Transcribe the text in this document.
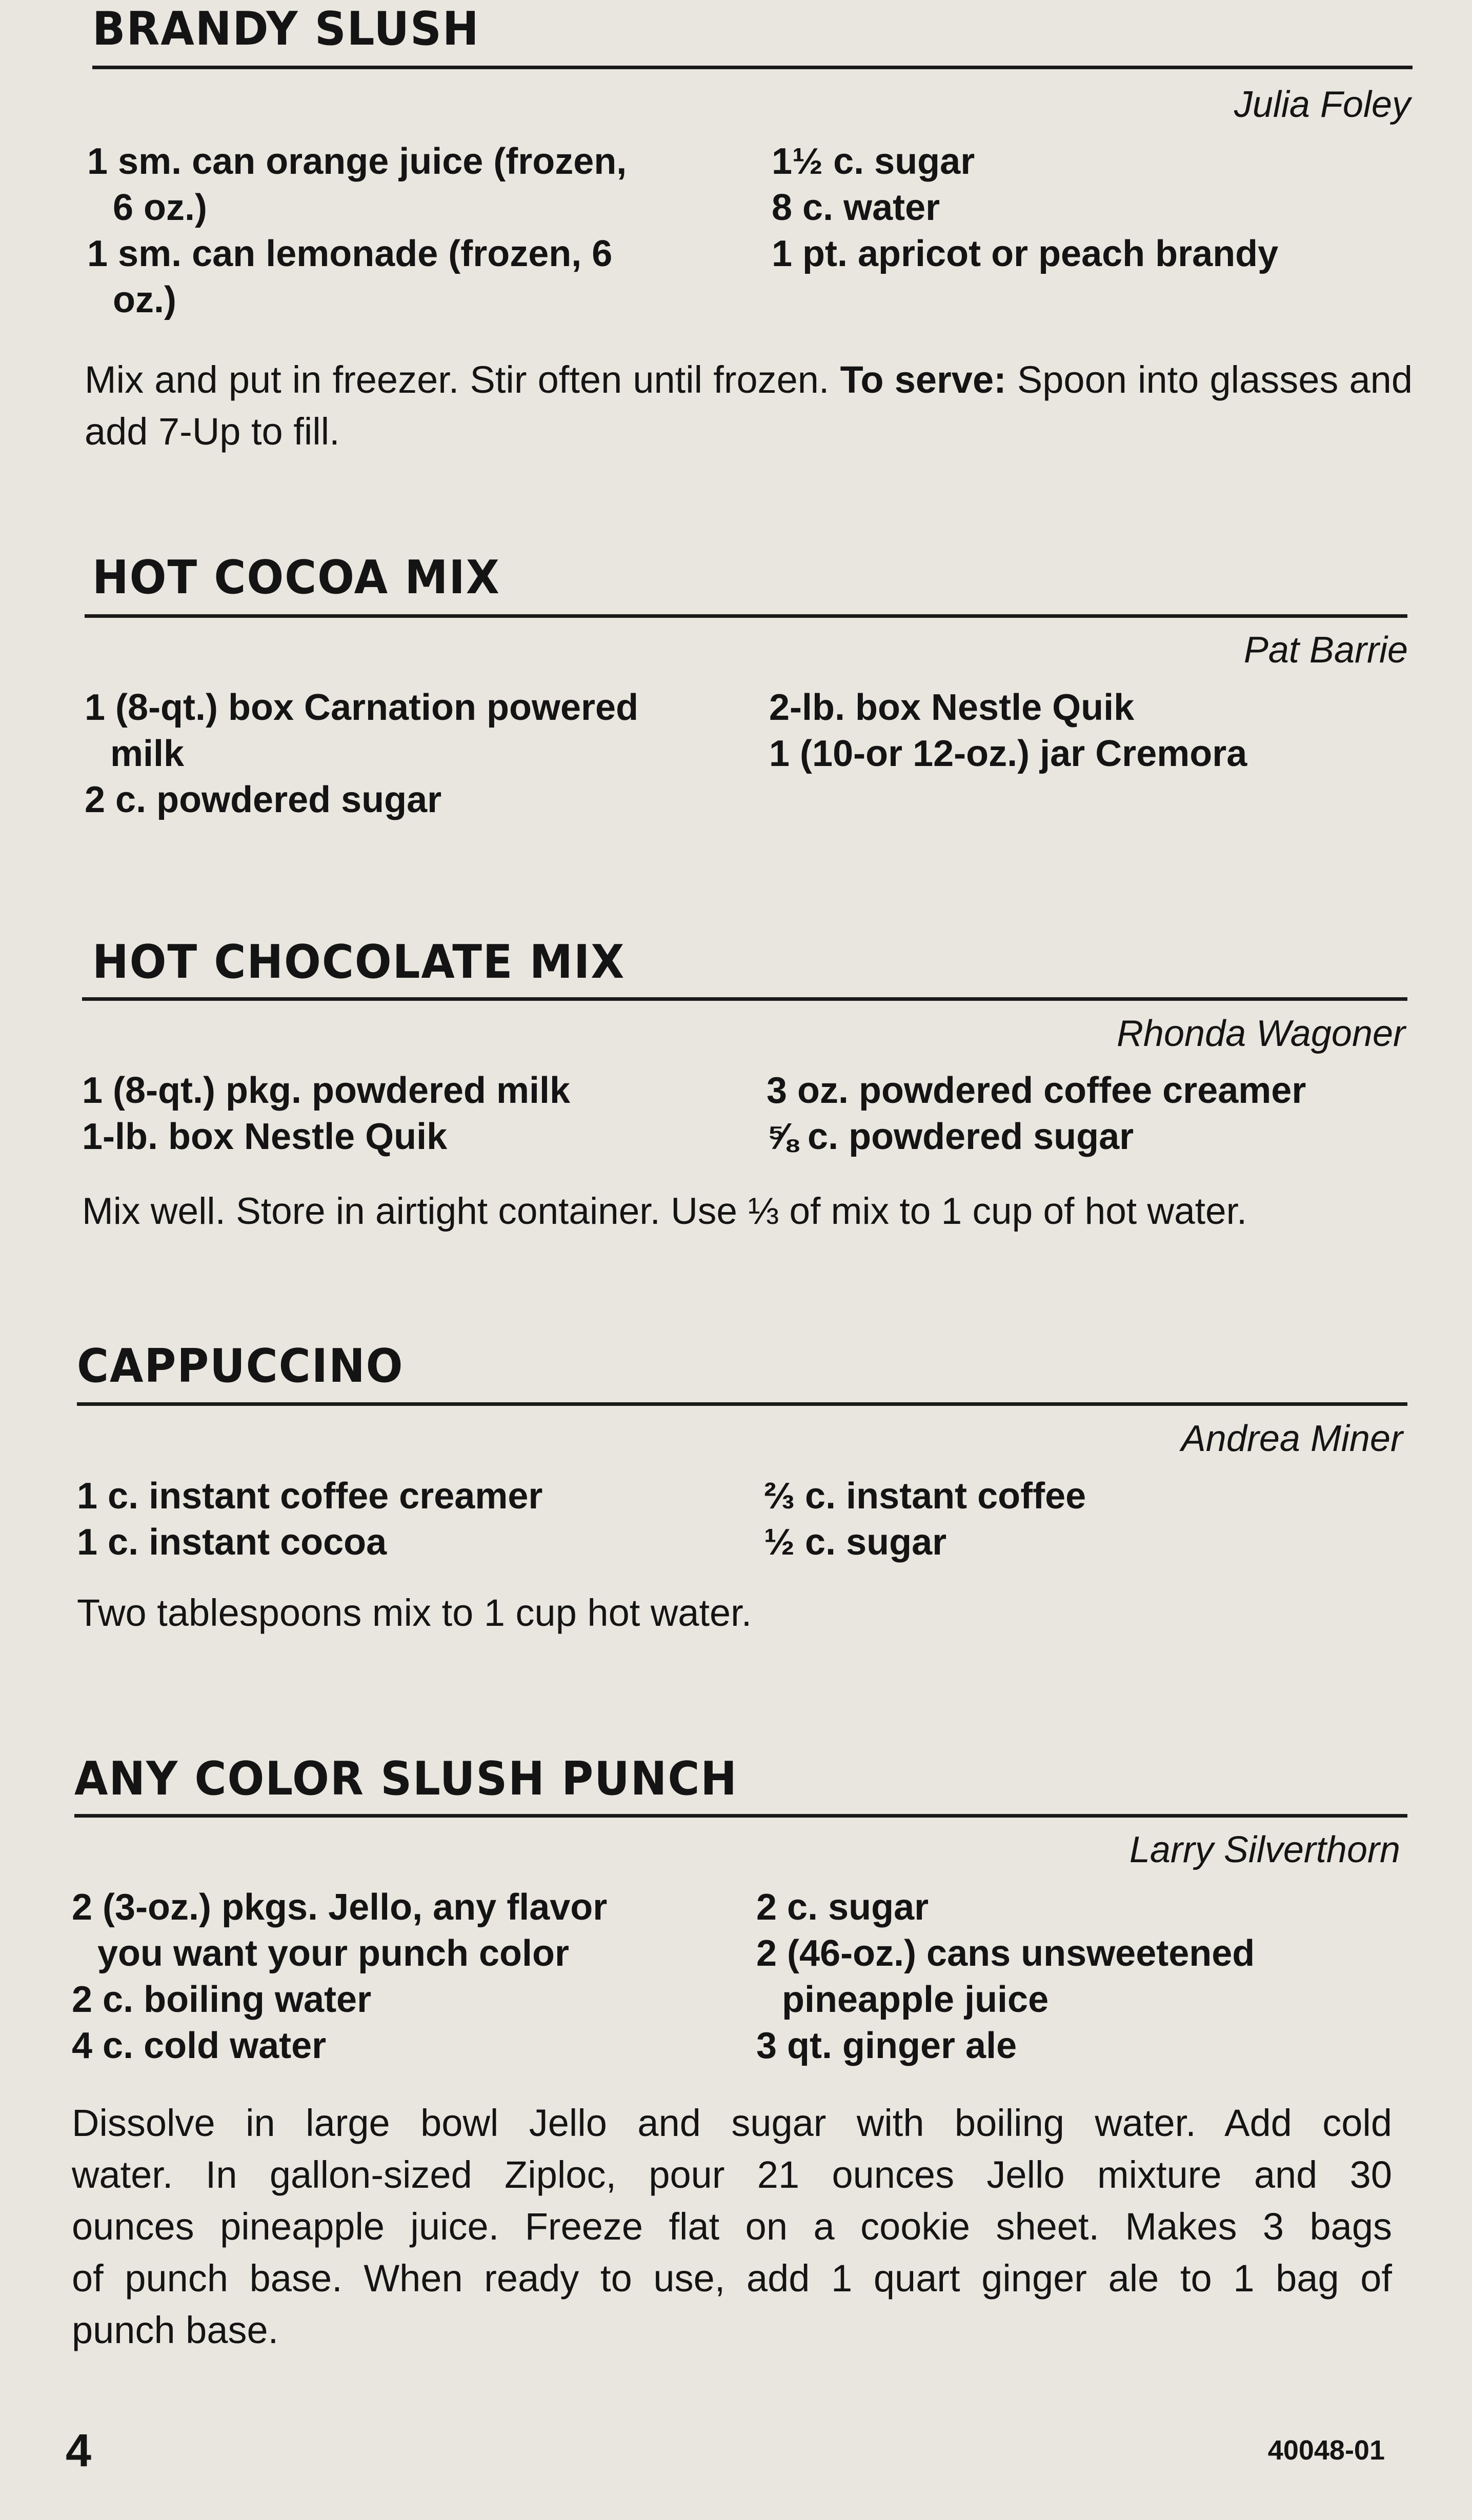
BRANDY SLUSH
Julia Foley
1 sm. can orange juice (frozen,
6 oz.)
1 sm. can lemonade (frozen, 6
oz.)
1½ c. sugar
8 c. water
1 pt. apricot or peach brandy
Mix and put in freezer. Stir often until frozen. To serve: Spoon into glasses and add 7-Up to fill.
HOT COCOA MIX
Pat Barrie
1 (8-qt.) box Carnation powered
milk
2 c. powdered sugar
2-lb. box Nestle Quik
1 (10-or 12-oz.) jar Cremora
HOT CHOCOLATE MIX
Rhonda Wagoner
1 (8-qt.) pkg. powdered milk
1-lb. box Nestle Quik
3 oz. powdered coffee creamer
⅝ c. powdered sugar
Mix well. Store in airtight container. Use ⅓ of mix to 1 cup of hot water.
CAPPUCCINO
Andrea Miner
1 c. instant coffee creamer
1 c. instant cocoa
⅔ c. instant coffee
½ c. sugar
Two tablespoons mix to 1 cup hot water.
ANY COLOR SLUSH PUNCH
Larry Silverthorn
2 (3-oz.) pkgs. Jello, any flavor
you want your punch color
2 c. boiling water
4 c. cold water
2 c. sugar
2 (46-oz.) cans unsweetened
pineapple juice
3 qt. ginger ale
Dissolve in large bowl Jello and sugar with boiling water. Add cold
water. In gallon-sized Ziploc, pour 21 ounces Jello mixture and 30
ounces pineapple juice. Freeze flat on a cookie sheet. Makes 3 bags
of punch base. When ready to use, add 1 quart ginger ale to 1 bag of
punch base.
4	40048-01
